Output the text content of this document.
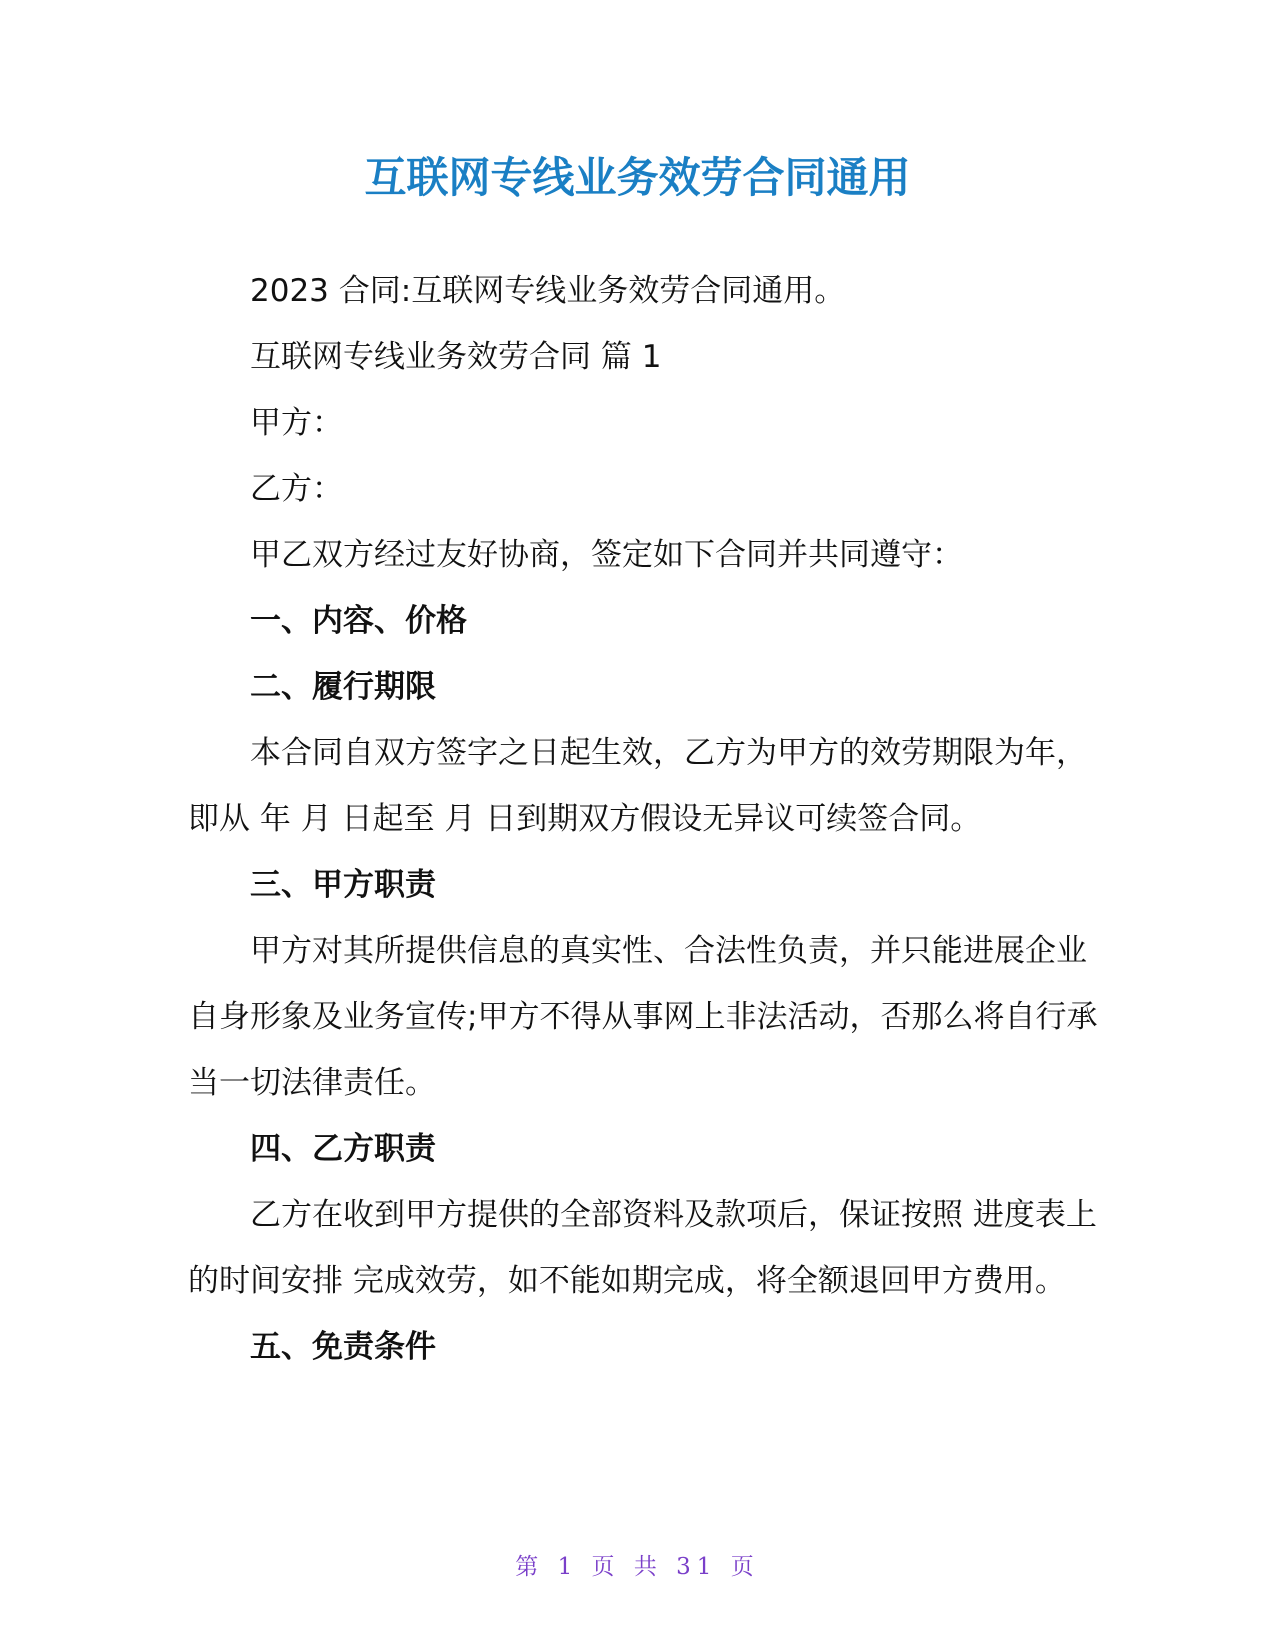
互联网专线业务效劳合同通用

2023 合同:互联网专线业务效劳合同通用。

互联网专线业务效劳合同 篇 1

甲方：

乙方：

甲乙双方经过友好协商，签定如下合同并共同遵守：

一、内容、价格

二、履行期限

本合同自双方签字之日起生效，乙方为甲方的效劳期限为年，即从 年 月 日起至 月 日到期双方假设无异议可续签合同。

三、甲方职责

甲方对其所提供信息的真实性、合法性负责，并只能进展企业自身形象及业务宣传;甲方不得从事网上非法活动，否那么将自行承当一切法律责任。

四、乙方职责

乙方在收到甲方提供的全部资料及款项后，保证按照 进度表上的时间安排 完成效劳，如不能如期完成，将全额退回甲方费用。

五、免责条件

第 1 页 共 31 页
